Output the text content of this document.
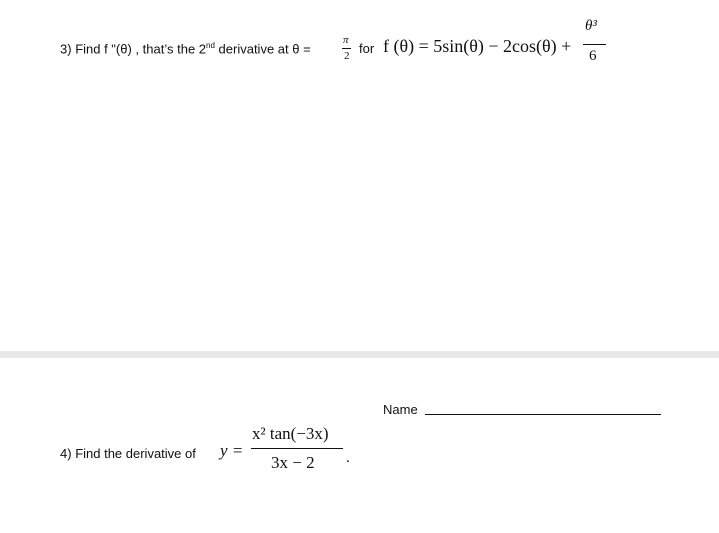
3) Find f "(θ) , that’s the 2nd derivative at θ =
π
2 for f (θ) = 5sin(θ) − 2cos(θ) +
θ³
6
Name
4) Find the derivative of y =
x² tan(−3x)
3x − 2 .
